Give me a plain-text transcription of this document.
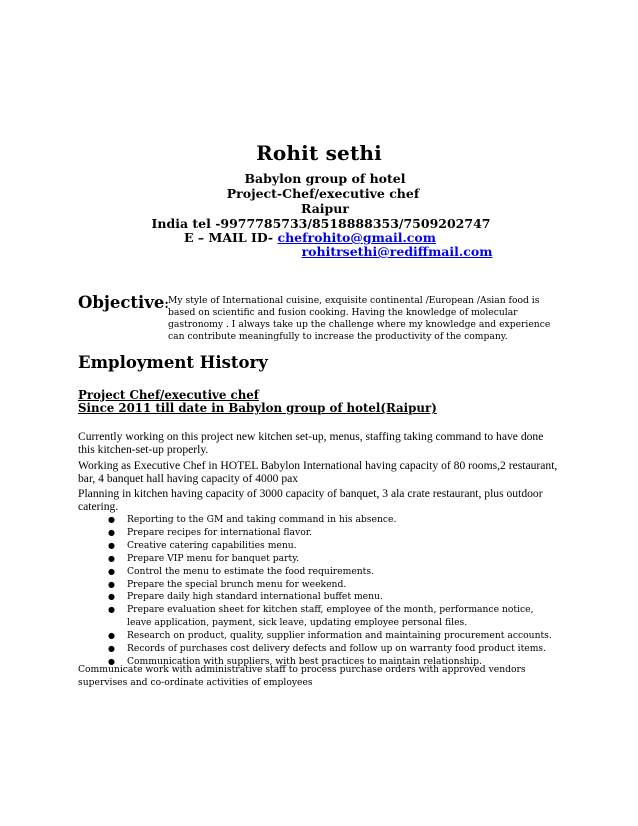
Rohit sethi
Babylon group of hotel
Project-Chef/executive chef
Raipur
India tel -9977785733/8518888353/7509202747
E – MAIL ID- chefrohito@gmail.com
rohitrsethi@rediffmail.com
Objective: My style of International cuisine, exquisite continental /European /Asian food is based on scientific and fusion cooking. Having the knowledge of molecular gastronomy . I always take up the challenge where my knowledge and experience can contribute meaningfully to increase the productivity of the company.
Employment History
Project Chef/executive chef
Since 2011 till date in Babylon group of hotel(Raipur)
Currently working on this project new kitchen set-up, menus, staffing taking command to have done this kitchen-set-up properly.
Working as Executive Chef in HOTEL Babylon International having capacity of 80 rooms,2 restaurant, bar, 4 banquet hall having capacity of 4000 pax
Planning in kitchen having capacity of 3000 capacity of banquet, 3 ala crate restaurant, plus outdoor catering.
● Reporting to the GM and taking command in his absence.
● Prepare recipes for international flavor.
● Creative catering capabilities menu.
● Prepare VIP menu for banquet party.
● Control the menu to estimate the food requirements.
● Prepare the special brunch menu for weekend.
● Prepare daily high standard international buffet menu.
● Prepare evaluation sheet for kitchen staff, employee of the month, performance notice, leave application, payment, sick leave, updating employee personal files.
● Research on product, quality, supplier information and maintaining procurement accounts.
● Records of purchases cost delivery defects and follow up on warranty food product items.
● Communication with suppliers, with best practices to maintain relationship.
Communicate work with administrative staff to process purchase orders with approved vendors supervises and co-ordinate activities of employees
